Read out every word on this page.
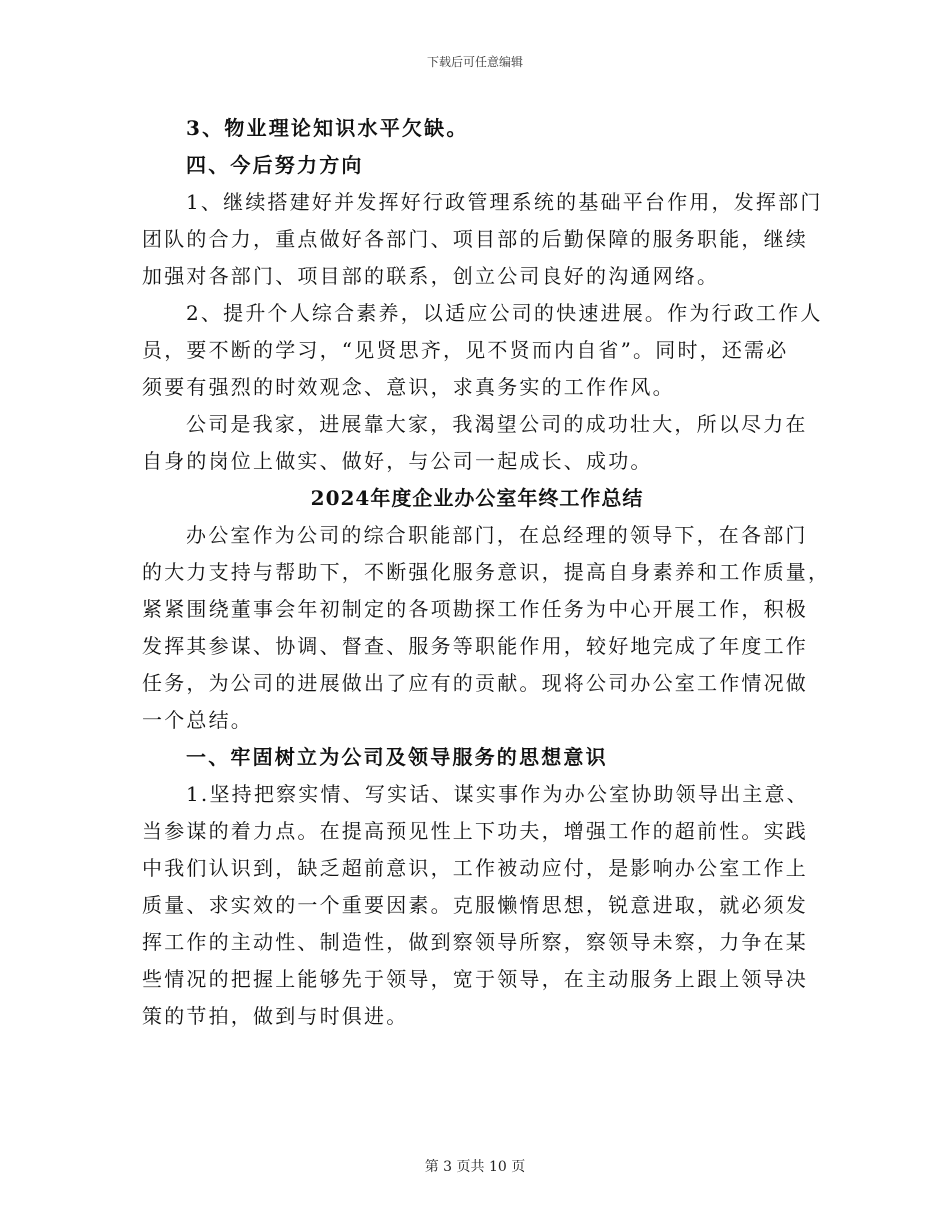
下载后可任意编辑
3、物业理论知识水平欠缺。
四、今后努力方向
1、继续搭建好并发挥好行政管理系统的基础平台作用，发挥部门
团队的合力，重点做好各部门、项目部的后勤保障的服务职能，继续
加强对各部门、项目部的联系，创立公司良好的沟通网络。
2、提升个人综合素养，以适应公司的快速进展。作为行政工作人
员，要不断的学习，“见贤思齐，见不贤而内自省”。同时，还需必
须要有强烈的时效观念、意识，求真务实的工作作风。
公司是我家，进展靠大家，我渴望公司的成功壮大，所以尽力在
自身的岗位上做实、做好，与公司一起成长、成功。
2024年度企业办公室年终工作总结
办公室作为公司的综合职能部门，在总经理的领导下，在各部门
的大力支持与帮助下，不断强化服务意识，提高自身素养和工作质量，
紧紧围绕董事会年初制定的各项勘探工作任务为中心开展工作，积极
发挥其参谋、协调、督查、服务等职能作用，较好地完成了年度工作
任务，为公司的进展做出了应有的贡献。现将公司办公室工作情况做
一个总结。
一、牢固树立为公司及领导服务的思想意识
1.坚持把察实情、写实话、谋实事作为办公室协助领导出主意、
当参谋的着力点。在提高预见性上下功夫，增强工作的超前性。实践
中我们认识到，缺乏超前意识，工作被动应付，是影响办公室工作上
质量、求实效的一个重要因素。克服懒惰思想，锐意进取，就必须发
挥工作的主动性、制造性，做到察领导所察，察领导未察，力争在某
些情况的把握上能够先于领导，宽于领导，在主动服务上跟上领导决
策的节拍，做到与时俱进。
第 3 页共 10 页
